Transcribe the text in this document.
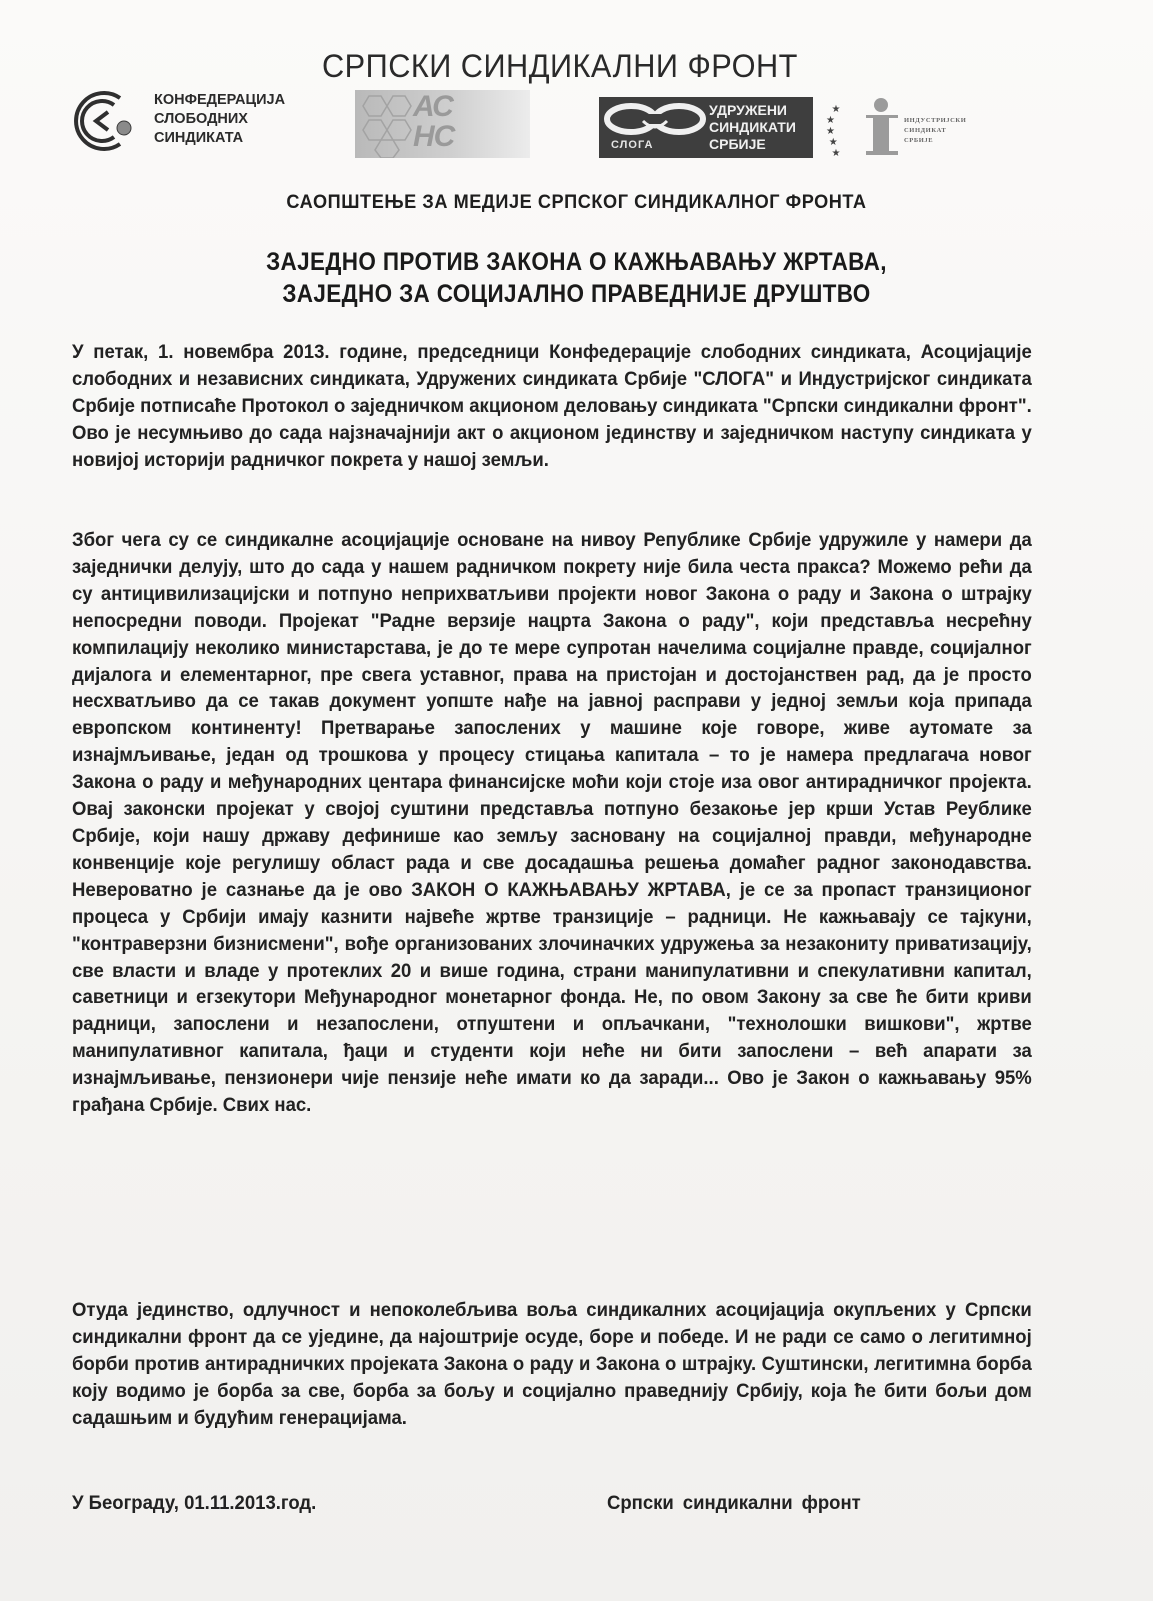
СРПСКИ СИНДИКАЛНИ ФРОНТ
КОНФЕДЕРАЦИЈА
СЛОБОДНИХ
СИНДИКАТА
АС
НС	СЛОГА
УДРУЖЕНИ
СИНДИКАТИ
СРБИЈЕ
★
★
★
★
★
ИНДУСТРИЈСКИ
СИНДИКАТ
СРБИЈЕ
САОПШТЕЊЕ ЗА МЕДИЈЕ СРПСКОГ СИНДИКАЛНОГ ФРОНТА
ЗАЈЕДНО ПРОТИВ ЗАКОНА О КАЖЊАВАЊУ ЖРТАВА,
ЗАЈЕДНО ЗА СОЦИЈАЛНО ПРАВЕДНИЈЕ ДРУШТВО

У петак, 1. новембра 2013. године, председници Конфедерације слободних синдиката, Асоцијације слободних и независних синдиката, Удружених синдиката Србије "СЛОГА" и Индустријског синдиката Србије потписаће Протокол о заједничком акционом деловању синдиката "Српски синдикални фронт". Ово је несумњиво до сада најзначајнији акт о акционом јединству и заједничком наступу синдиката у новијој историји радничког покрета у нашој земљи.

Због чега су се синдикалне асоцијације основане на нивоу Републике Србије удружиле у намери да заједнички делују, што до сада у нашем радничком покрету није била честа пракса? Можемо рећи да су антицивилизацијски и потпуно неприхватљиви пројекти новог Закона о раду и Закона о штрајку непосредни поводи. Пројекат "Радне верзије нацрта Закона о раду", који представља несрећну компилацију неколико министарстава, је до те мере супротан начелима социјалне правде, социјалног дијалога и елементарног, пре свега уставног, права на пристојан и достојанствен рад, да је просто несхватљиво да се такав документ уопште нађе на јавној расправи у једној земљи која припада европском континенту! Претварање запослених у машине које говоре, живе аутомате за изнајмљивање, један од трошкова у процесу стицања капитала – то је намера предлагача новог Закона о раду и међународних центара финансијске моћи који стоје иза овог антирадничког пројекта. Овај законски пројекат у својој суштини представља потпуно безакоње јер крши Устав Реублике Србије, који нашу државу дефинише као земљу засновану на социјалној правди, међународне конвенције које регулишу област рада и све досадашња решења домаћег радног законодавства. Невероватно је сазнање да је ово ЗАКОН О КАЖЊАВАЊУ ЖРТАВА, је се за пропаст транзиционог процеса у Србији имају казнити највеће жртве транзиције – радници. Не кажњавају се тајкуни, "контраверзни бизнисмени", вође организованих злочиначких удружења за незакониту приватизацију, све власти и владе у протеклих 20 и више година, страни манипулативни и спекулативни капитал, саветници и егзекутори Међународног монетарног фонда. Не, по овом Закону за све ће бити криви радници, запослени и незапослени, отпуштени и опљачкани, "технолошки вишкови", жртве манипулативног капитала, ђаци и студенти који неће ни бити запослени – већ апарати за изнајмљивање, пензионери чије пензије неће имати ко да заради... Ово је Закон о кажњавању 95% грађана Србије. Свих нас.

Отуда јединство, одлучност и непоколебљива воља синдикалних асоцијација окупљених у Српски синдикални фронт да се уједине, да најоштрије осуде, боре и победе. И не ради се само о легитимној борби против антирадничких пројеката Закона о раду и Закона о штрајку. Суштински, легитимна борба коју водимо је борба за све, борба за бољу и социјално праведнију Србију, која ће бити бољи дом садашњим и будућим генерацијама.

У Београду, 01.11.2013.год.	Српски синдикални фронт
